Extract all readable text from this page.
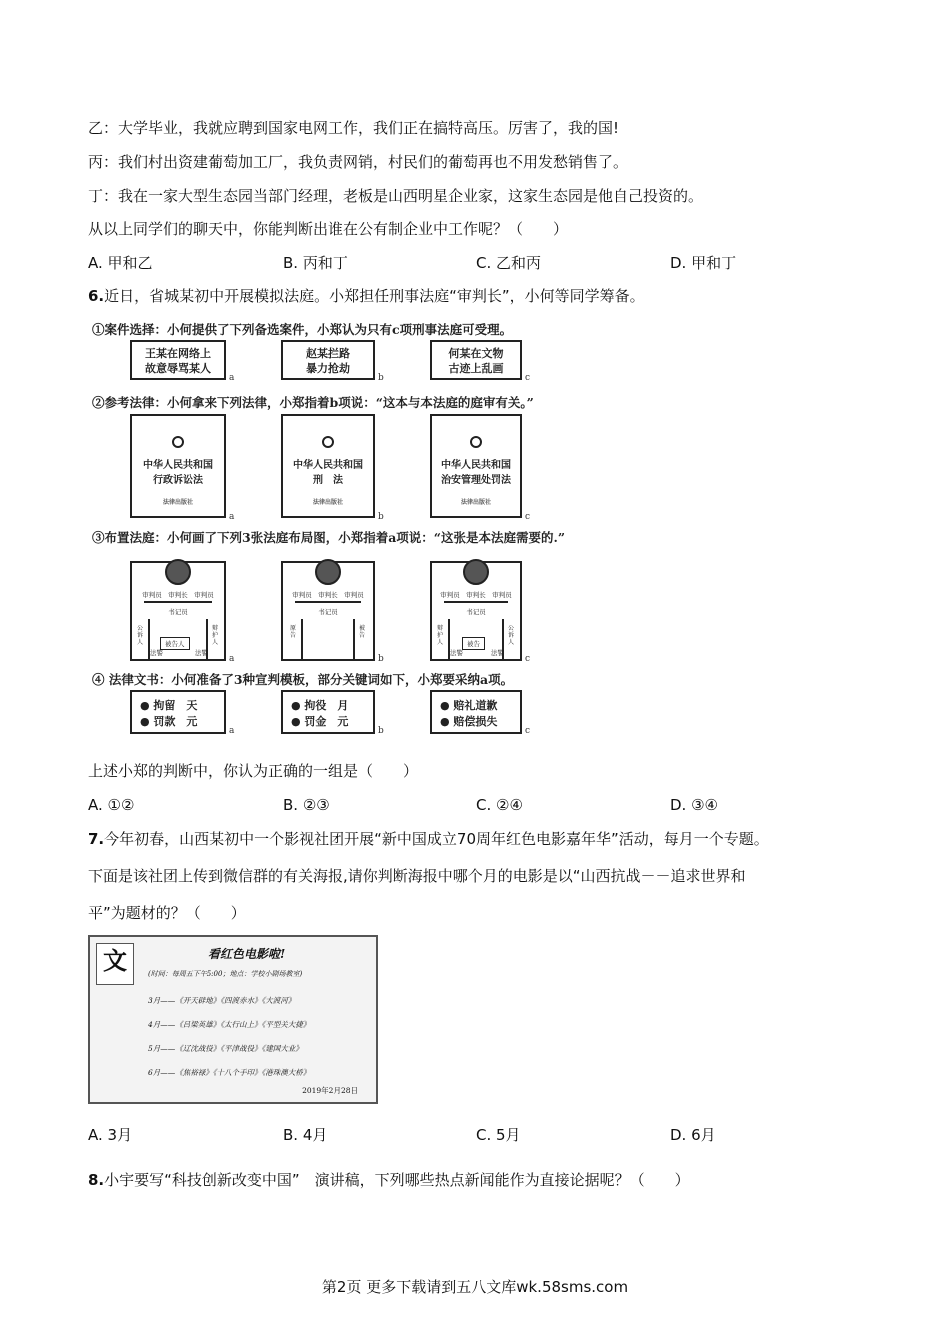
乙：大学毕业，我就应聘到国家电网工作，我们正在搞特高压。厉害了，我的国!
丙：我们村出资建葡萄加工厂，我负责网销，村民们的葡萄再也不用发愁销售了。
丁：我在一家大型生态园当部门经理，老板是山西明星企业家，这家生态园是他自己投资的。
从以上同学们的聊天中，你能判断出谁在公有制企业中工作呢？（　　）
A. 甲和乙	B. 丙和丁	C. 乙和丙	D. 甲和丁
6.近日，省城某初中开展模拟法庭。小郑担任刑事法庭“审判长”，小何等同学筹备。
①案件选择：小何提供了下列备选案件，小郑认为只有c项刑事法庭可受理。
王某在网络上
故意辱骂某人
a
赵某拦路
暴力抢劫
b
何某在文物
古迹上乱画
c
②参考法律：小何拿来下列法律，小郑指着b项说：“这本与本法庭的庭审有关。”
中华人民共和国
行政诉讼法
法律出版社
a
中华人民共和国
刑　法
法律出版社
b
中华人民共和国
治安管理处罚法
法律出版社
c
③布置法庭：小何画了下列3张法庭布局图，小郑指着a项说：“这张是本法庭需要的.”
审判员　审判长　审判员
书记员
公诉人
辩护人
被告人
法警	法警
a
审判员　审判长　审判员
书记员
原告
被告
b
审判员　审判长　审判员
书记员
辩护人
公诉人
被告
法警	法警
c
④ 法律文书：小何准备了3种宣判模板，部分关键词如下，小郑要采纳a项。
● 拘留　天
● 罚款　元
a
● 拘役　月
● 罚金　元
b
● 赔礼道歉
● 赔偿损失
c
上述小郑的判断中，你认为正确的一组是（　　）
A. ①②	B. ②③	C. ②④	D. ③④
7.今年初春，山西某初中一个影视社团开展“新中国成立70周年红色电影嘉年华”活动，每月一个专题。
下面是该社团上传到微信群的有关海报,请你判断海报中哪个月的电影是以“山西抗战－－追求世界和
平”为题材的？（　　）
文	看红色电影啦!
(时间：每周五下午5:00；地点：学校小剧场教室)
3月——《开天辟地》《四渡赤水》《大渡河》
4月——《吕梁英雄》《太行山上》《平型关大捷》
5月——《辽沈战役》《平津战役》《建国大业》
6月——《焦裕禄》《十八个手印》《港珠澳大桥》
2019年2月28日
A. 3月	B. 4月	C. 5月	D. 6月
8.小宇要写“科技创新改变中国”　演讲稿，下列哪些热点新闻能作为直接论据呢？（　　）
第2页 更多下载请到五八文库wk.58sms.com
